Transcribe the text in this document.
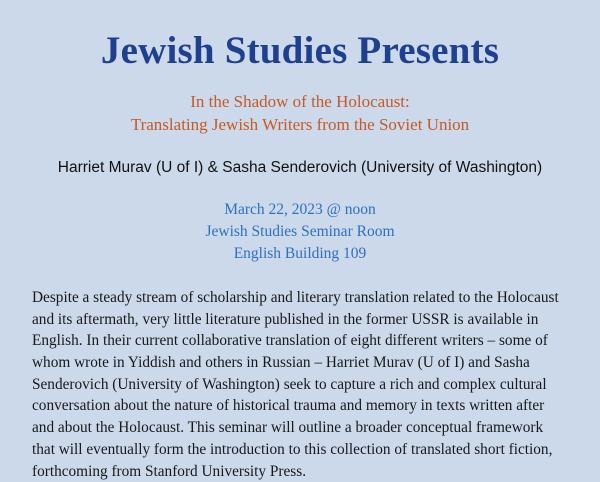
Jewish Studies Presents

In the Shadow of the Holocaust:
Translating Jewish Writers from the Soviet Union

Harriet Murav (U of I) & Sasha Senderovich (University of Washington)

March 22, 2023 @ noon
Jewish Studies Seminar Room
English Building 109

Despite a steady stream of scholarship and literary translation related to the Holocaust and its aftermath, very little literature published in the former USSR is available in English. In their current collaborative translation of eight different writers – some of whom wrote in Yiddish and others in Russian – Harriet Murav (U of I) and Sasha Senderovich (University of Washington) seek to capture a rich and complex cultural conversation about the nature of historical trauma and memory in texts written after and about the Holocaust. This seminar will outline a broader conceptual framework that will eventually form the introduction to this collection of translated short fiction, forthcoming from Stanford University Press.
